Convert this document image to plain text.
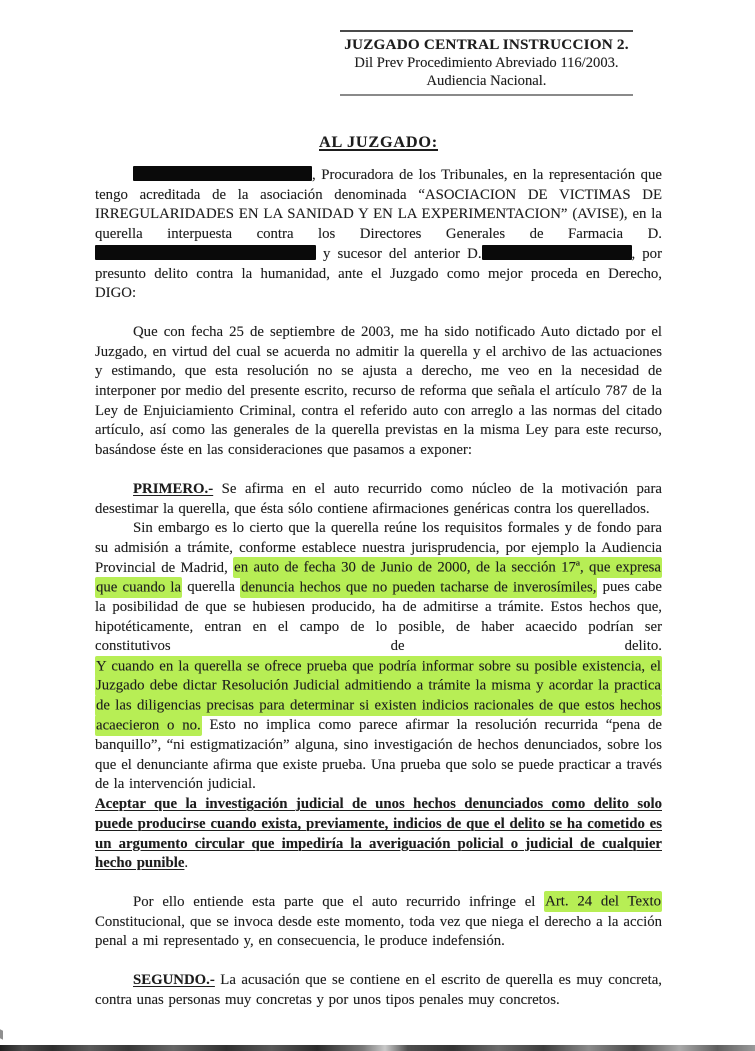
JUZGADO CENTRAL INSTRUCCION 2.
Dil Prev Procedimiento Abreviado 116/2003.
Audiencia Nacional.
AL JUZGADO:

, Procuradora de los Tribunales, en la representación que tengo acreditada de la asociación denominada “ASOCIACION DE VICTIMAS DE IRREGULARIDADES EN LA SANIDAD Y EN LA EXPERIMENTACION” (AVISE), en la querella interpuesta contra los Directores Generales de Farmacia D.  y sucesor del anterior D.	, por presunto delito contra la humanidad, ante el Juzgado como mejor proceda en Derecho, DIGO:

Que con fecha 25 de septiembre de 2003, me ha sido notificado Auto dictado por el Juzgado, en virtud del cual se acuerda no admitir la querella y el archivo de las actuaciones y estimando, que esta resolución no se ajusta a derecho, me veo en la necesidad de interponer por medio del presente escrito, recurso de reforma que señala el artículo 787 de la Ley de Enjuiciamiento Criminal, contra el referido auto con arreglo a las normas del citado artículo, así como las generales de la querella previstas en la misma Ley para este recurso, basándose éste en las consideraciones que pasamos a exponer:

PRIMERO.- Se afirma en el auto recurrido como núcleo de la motivación para desestimar la querella, que ésta sólo contiene afirmaciones genéricas contra los querellados.

Sin embargo es lo cierto que la querella reúne los requisitos formales y de fondo para su admisión a trámite, conforme establece nuestra jurisprudencia, por ejemplo la Audiencia Provincial de Madrid, en auto de fecha 30 de Junio de 2000, de la sección 17ª, que expresa que cuando la querella denuncia hechos que no pueden tacharse de inverosímiles, pues cabe la posibilidad de que se hubiesen producido, ha de admitirse a trámite. Estos hechos que, hipotéticamente, entran en el campo de lo posible, de haber acaecido podrían ser constitutivos de delito.

Y cuando en la querella se ofrece prueba que podría informar sobre su posible existencia, el Juzgado debe dictar Resolución Judicial admitiendo a trámite la misma y acordar la practica de las diligencias precisas para determinar si existen indicios racionales de que estos hechos acaecieron o no. Esto no implica como parece afirmar la resolución recurrida “pena de banquillo”, “ni estigmatización” alguna, sino investigación de hechos denunciados, sobre los que el denunciante afirma que existe prueba. Una prueba que solo se puede practicar a través de la intervención judicial.

Aceptar que la investigación judicial de unos hechos denunciados como delito solo puede producirse cuando exista, previamente, indicios de que el delito se ha cometido es un argumento circular que impediría la averiguación policial o judicial de cualquier hecho punible.

Por ello entiende esta parte que el auto recurrido infringe el Art. 24 del Texto Constitucional, que se invoca desde este momento, toda vez que niega el derecho a la acción penal a mi representado y, en consecuencia, le produce indefensión.

SEGUNDO.- La acusación que se contiene en el escrito de querella es muy concreta, contra unas personas muy concretas y por unos tipos penales muy concretos.
